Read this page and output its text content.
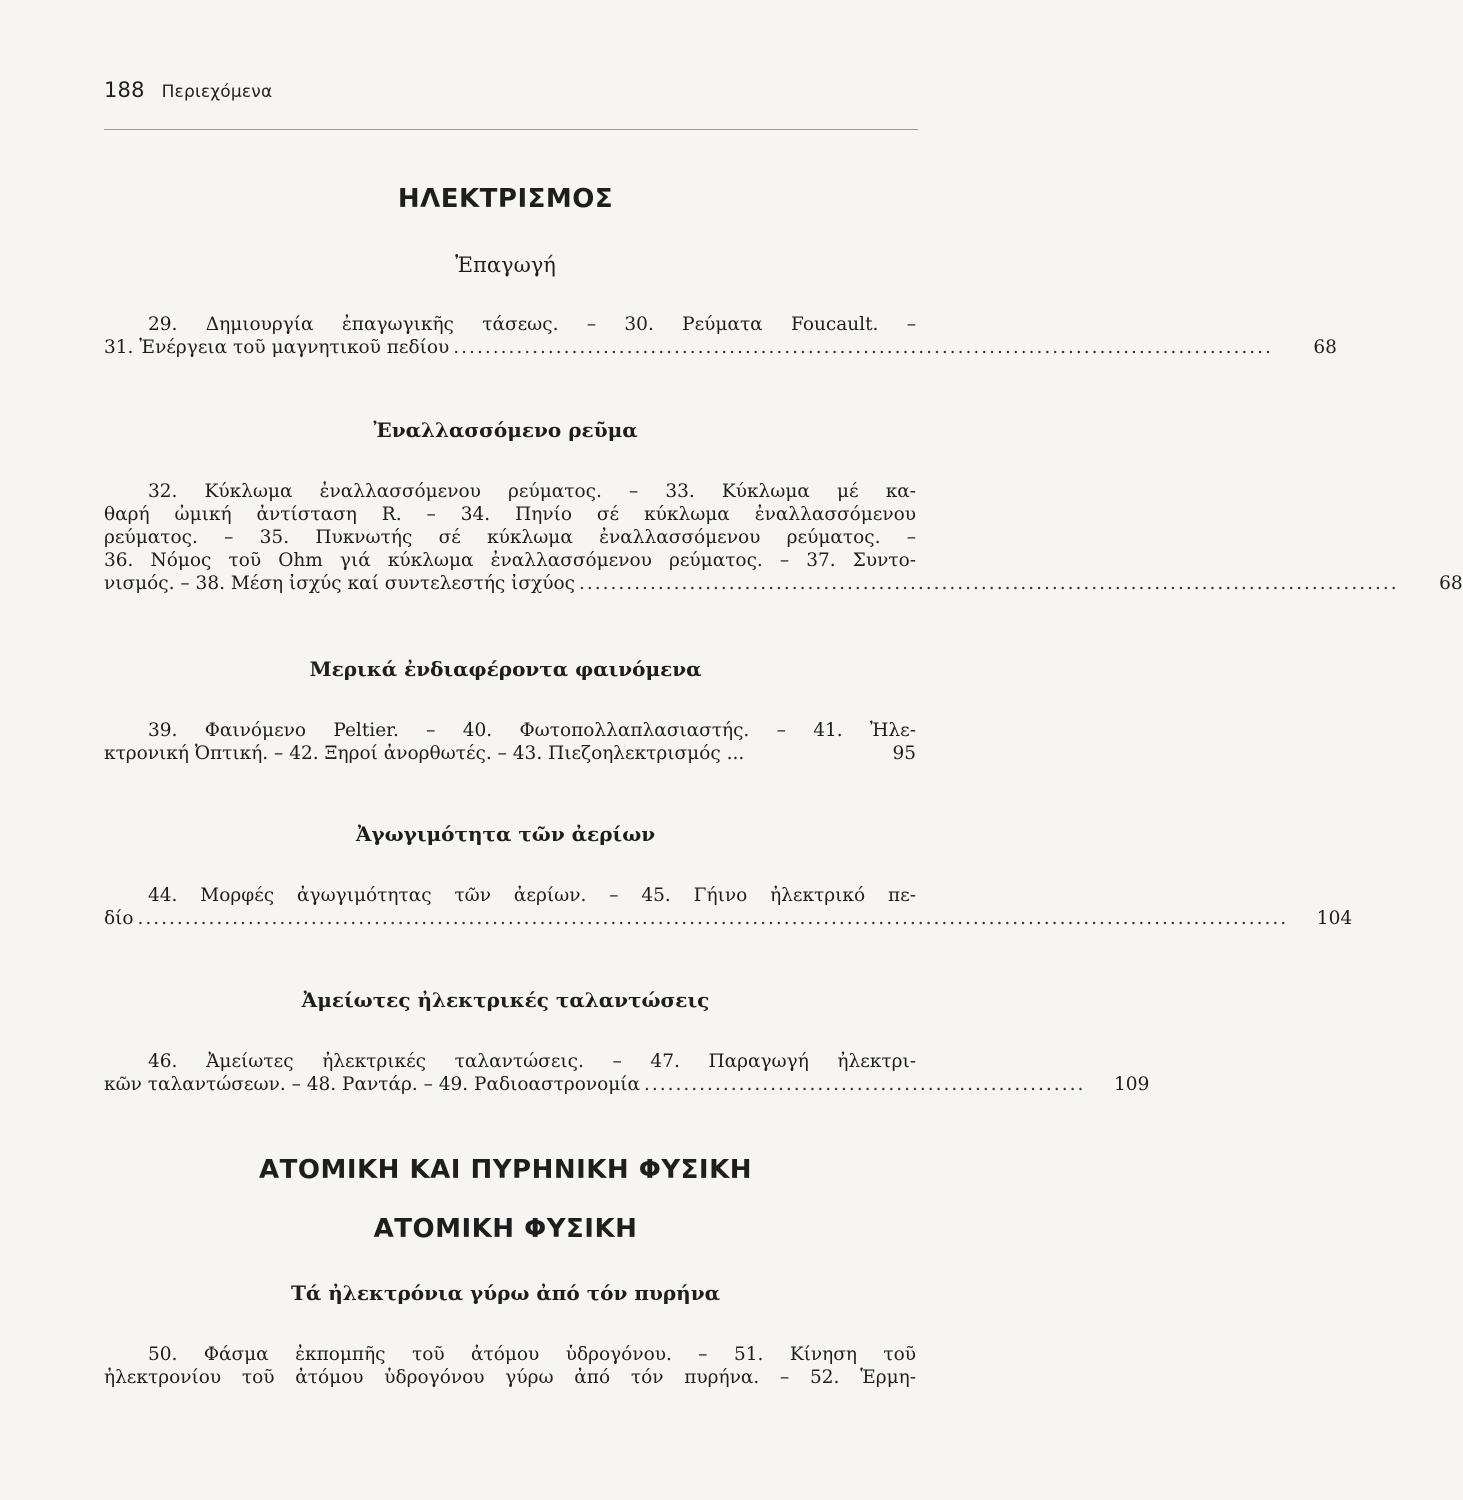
188 Περιεχόμενα
ΗΛΕΚΤΡΙΣΜΟΣ
Ἐπαγωγή
29. Δημιουργία ἐπαγωγικῆς τάσεως. – 30. Ρεύματα Foucault. –
31. Ἐνέργεια τοῦ μαγνητικοῦ πεδίου ........................................................................................................	68
Ἐναλλασσόμενο ρεῦμα
32. Κύκλωμα ἐναλλασσόμενου ρεύματος. – 33. Κύκλωμα μέ κα-
θαρή ὠμική ἀντίσταση R. – 34. Πηνίο σέ κύκλωμα ἐναλλασσόμενου
ρεύματος. – 35. Πυκνωτής σέ κύκλωμα ἐναλλασσόμενου ρεύματος. –
36. Νόμος τοῦ Ohm γιά κύκλωμα ἐναλλασσόμενου ρεύματος. – 37. Συντο-
νισμός. – 38. Μέση ἰσχύς καί συντελεστής ἰσχύος ........................................................................................................	68
Μερικά ἐνδιαφέροντα φαινόμενα
39. Φαινόμενο Peltier. – 40. Φωτοπολλαπλασιαστής. – 41. Ἠλε-
κτρονική Ὀπτική. – 42. Ξηροί ἀνορθωτές. – 43. Πιεζοηλεκτρισμός ...	95
Ἀγωγιμότητα τῶν ἀερίων
44. Μορφές ἀγωγιμότητας τῶν ἀερίων. – 45. Γήινο ἠλεκτρικό πε-
δίο ..................................................................................................................................................	104
Ἀμείωτες ἠλεκτρικές ταλαντώσεις
46. Ἀμείωτες ἠλεκτρικές ταλαντώσεις. – 47. Παραγωγή ἠλεκτρι-
κῶν ταλαντώσεων. – 48. Ραντάρ. – 49. Ραδιοαστρονομία ........................................................	109
ΑΤΟΜΙΚΗ ΚΑΙ ΠΥΡΗΝΙΚΗ ΦΥΣΙΚΗ
ΑΤΟΜΙΚΗ ΦΥΣΙΚΗ
Τά ἠλεκτρόνια γύρω ἀπό τόν πυρήνα
50. Φάσμα ἐκπομπῆς τοῦ ἀτόμου ὑδρογόνου. – 51. Κίνηση τοῦ
ἠλεκτρονίου τοῦ ἀτόμου ὑδρογόνου γύρω ἀπό τόν πυρήνα. – 52. Ἑρμη-
